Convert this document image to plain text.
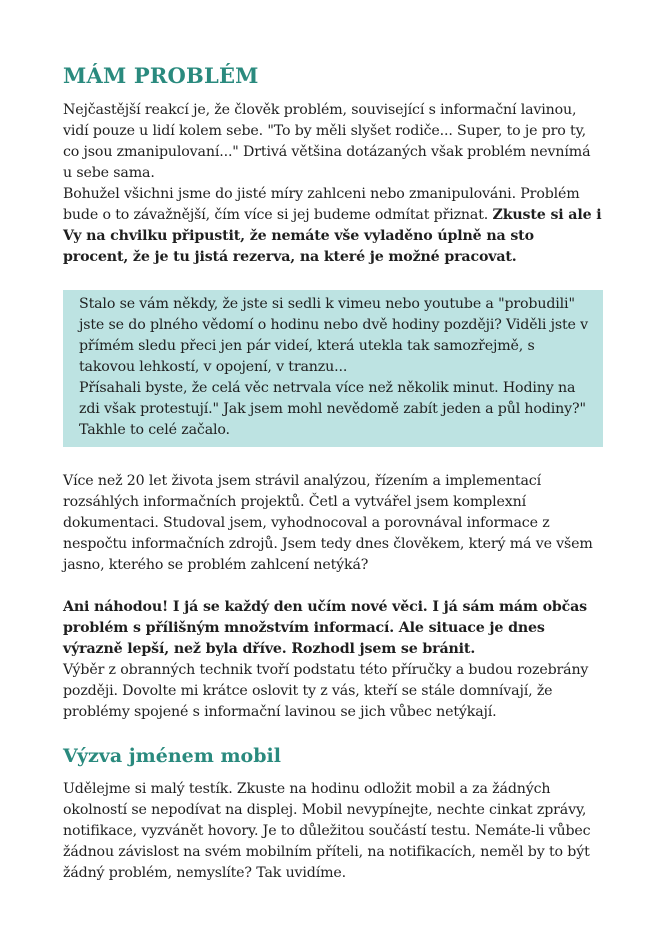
MÁM PROBLÉM

Nejčastější reakcí je, že člověk problém, související s informační lavinou, vidí pouze u lidí kolem sebe. "To by měli slyšet rodiče... Super, to je pro ty, co jsou zmanipulovaní..." Drtivá většina dotázaných však problém nevnímá u sebe sama.

Bohužel všichni jsme do jisté míry zahlceni nebo zmanipulováni. Problém bude o to závažnější, čím více si jej budeme odmítat přiznat. Zkuste si ale i Vy na chvilku připustit, že nemáte vše vyladěno úplně na sto procent, že je tu jistá rezerva, na které je možné pracovat.

Stalo se vám někdy, že jste si sedli k vimeu nebo youtube a "probudili" jste se do plného vědomí o hodinu nebo dvě hodiny později? Viděli jste v přímém sledu přeci jen pár videí, která utekla tak samozřejmě, s takovou lehkostí, v opojení, v tranzu...

Přísahali byste, že celá věc netrvala více než několik minut. Hodiny na zdi však protestují." Jak jsem mohl nevědomě zabít jeden a půl hodiny?" Takhle to celé začalo.

Více než 20 let života jsem strávil analýzou, řízením a implementací rozsáhlých informačních projektů. Četl a vytvářel jsem komplexní dokumentaci. Studoval jsem, vyhodnocoval a porovnával informace z nespočtu informačních zdrojů. Jsem tedy dnes člověkem, který má ve všem jasno, kterého se problém zahlcení netýká?

Ani náhodou! I já se každý den učím nové věci. I já sám mám občas problém s přílišným množstvím informací. Ale situace je dnes výrazně lepší, než byla dříve. Rozhodl jsem se bránit.

Výběr z obranných technik tvoří podstatu této příručky a budou rozebrány později. Dovolte mi krátce oslovit ty z vás, kteří se stále domnívají, že problémy spojené s informační lavinou se jich vůbec netýkají.

Výzva jménem mobil

Udělejme si malý testík. Zkuste na hodinu odložit mobil a za žádných okolností se nepodívat na displej. Mobil nevypínejte, nechte cinkat zprávy, notifikace, vyzvánět hovory. Je to důležitou součástí testu. Nemáte-li vůbec žádnou závislost na svém mobilním příteli, na notifikacích, neměl by to být žádný problém, nemyslíte? Tak uvidíme.
